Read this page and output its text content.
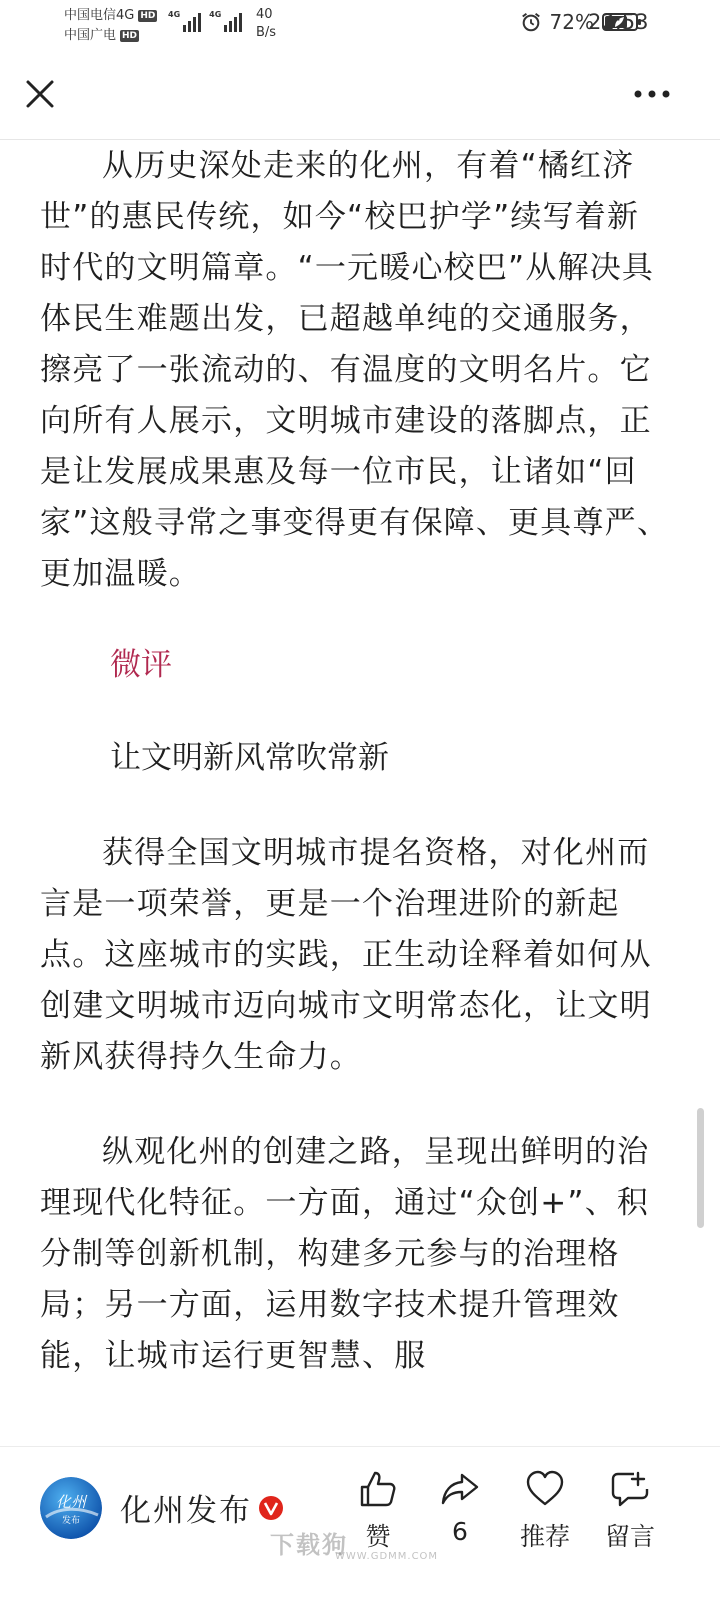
中国电信4G HD
中国广电 HD
4G	4G	40
B/s	72%
22:53

从历史深处走来的化州，有着“橘红济世”的惠民传统，如今“校巴护学”续写着新时代的文明篇章。“一元暖心校巴”从解决具体民生难题出发，已超越单纯的交通服务，擦亮了一张流动的、有温度的文明名片。它向所有人展示，文明城市建设的落脚点，正是让发展成果惠及每一位市民，让诸如“回家”这般寻常之事变得更有保障、更具尊严、更加温暖。

微评
让文明新风常吹常新

获得全国文明城市提名资格，对化州而言是一项荣誉，更是一个治理进阶的新起点。这座城市的实践，正生动诠释着如何从创建文明城市迈向城市文明常态化，让文明新风获得持久生命力。

纵观化州的创建之路，呈现出鲜明的治理现代化特征。一方面，通过“众创+”、积分制等创新机制，构建多元参与的治理格局；另一方面，运用数字技术提升管理效能，让城市运行更智慧、服

化州
发布 化州发布
赞	6	推荐	留言
下载狗
WWW.GDMM.COM
